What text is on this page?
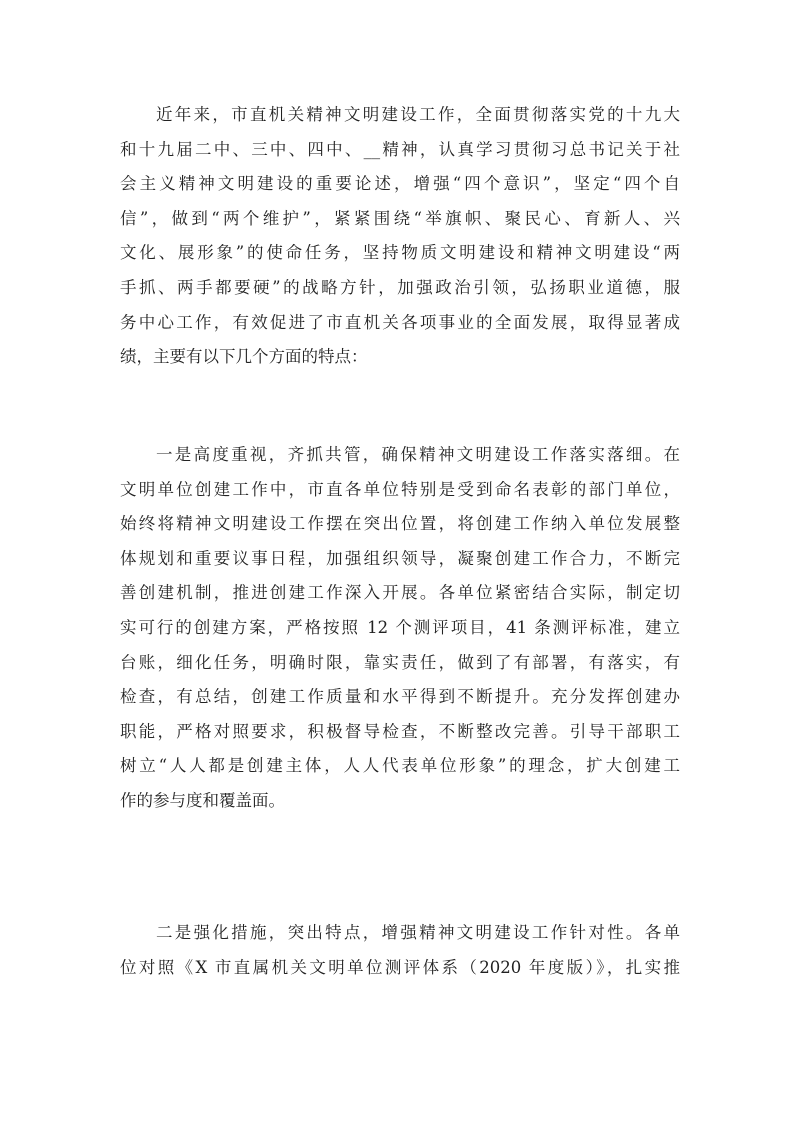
近年来，市直机关精神文明建设工作，全面贯彻落实党的十九大
和十九届二中、三中、四中、__精神，认真学习贯彻习总书记关于社
会主义精神文明建设的重要论述，增强“四个意识”，坚定“四个自
信”，做到“两个维护”，紧紧围绕“举旗帜、聚民心、育新人、兴
文化、展形象”的使命任务，坚持物质文明建设和精神文明建设“两
手抓、两手都要硬”的战略方针，加强政治引领，弘扬职业道德，服
务中心工作，有效促进了市直机关各项事业的全面发展，取得显著成
绩，主要有以下几个方面的特点：
一是高度重视，齐抓共管，确保精神文明建设工作落实落细。在
文明单位创建工作中，市直各单位特别是受到命名表彰的部门单位，
始终将精神文明建设工作摆在突出位置，将创建工作纳入单位发展整
体规划和重要议事日程，加强组织领导，凝聚创建工作合力，不断完
善创建机制，推进创建工作深入开展。各单位紧密结合实际，制定切
实可行的创建方案，严格按照 12 个测评项目，41 条测评标准，建立
台账，细化任务，明确时限，靠实责任，做到了有部署，有落实，有
检查，有总结，创建工作质量和水平得到不断提升。充分发挥创建办
职能，严格对照要求，积极督导检查，不断整改完善。引导干部职工
树立“人人都是创建主体，人人代表单位形象”的理念，扩大创建工
作的参与度和覆盖面。
二是强化措施，突出特点，增强精神文明建设工作针对性。各单
位对照《X 市直属机关文明单位测评体系（2020 年度版）》，扎实推
